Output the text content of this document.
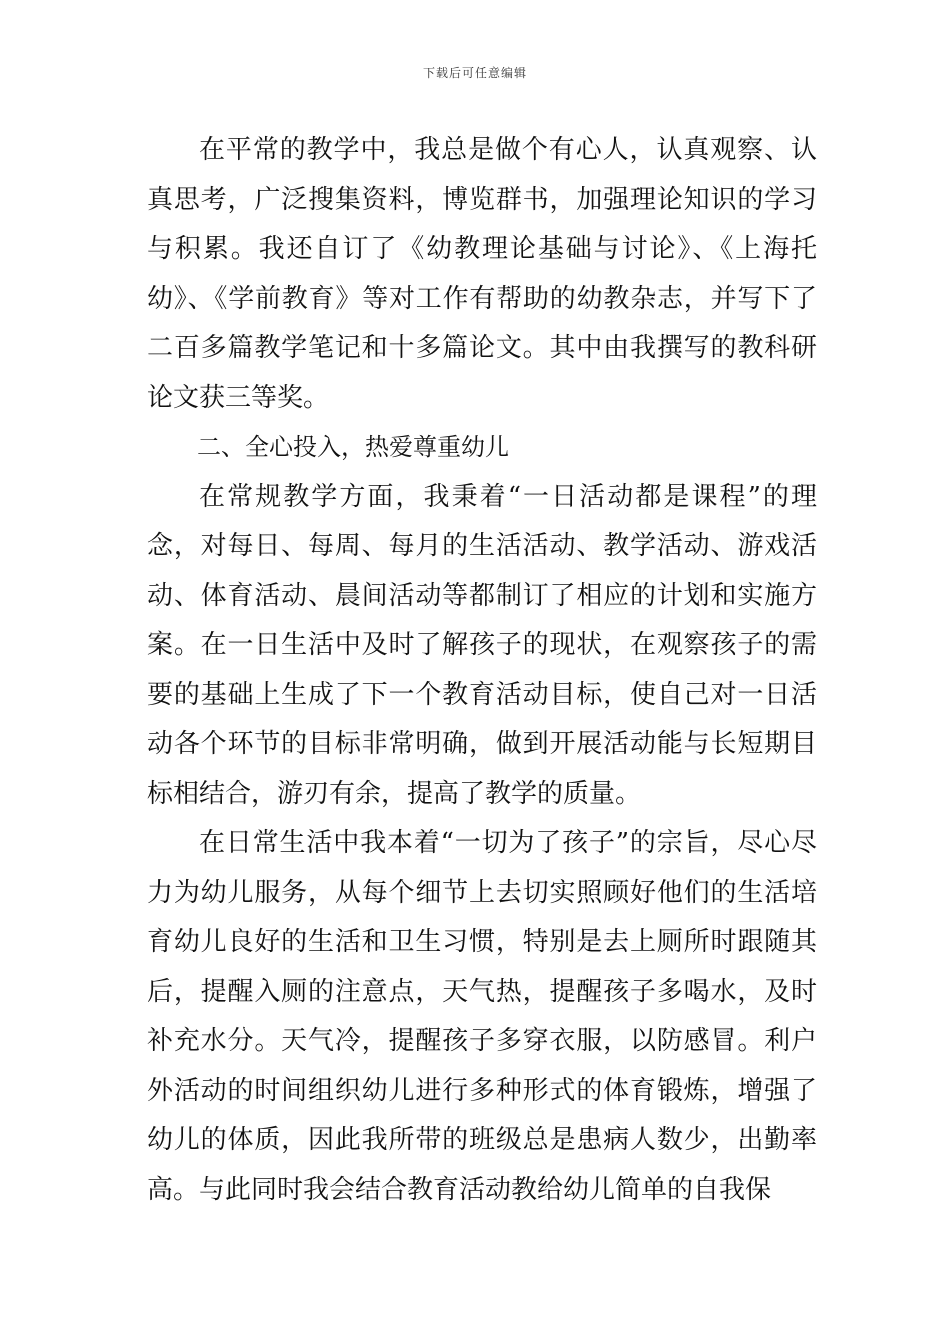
下载后可任意编辑

在平常的教学中，我总是做个有心人，认真观察、认真思考，广泛搜集资料，博览群书，加强理论知识的学习与积累。我还自订了《幼教理论基础与讨论》、《上海托幼》、《学前教育》等对工作有帮助的幼教杂志，并写下了二百多篇教学笔记和十多篇论文。其中由我撰写的教科研论文获三等奖。

二、全心投入，热爱尊重幼儿

在常规教学方面，我秉着“一日活动都是课程”的理念，对每日、每周、每月的生活活动、教学活动、游戏活动、体育活动、晨间活动等都制订了相应的计划和实施方案。在一日生活中及时了解孩子的现状，在观察孩子的需要的基础上生成了下一个教育活动目标，使自己对一日活动各个环节的目标非常明确，做到开展活动能与长短期目标相结合，游刃有余，提高了教学的质量。

在日常生活中我本着“一切为了孩子”的宗旨，尽心尽力为幼儿服务，从每个细节上去切实照顾好他们的生活培育幼儿良好的生活和卫生习惯，特别是去上厕所时跟随其后，提醒入厕的注意点，天气热，提醒孩子多喝水，及时补充水分。天气冷，提醒孩子多穿衣服，以防感冒。利户外活动的时间组织幼儿进行多种形式的体育锻炼，增强了幼儿的体质，因此我所带的班级总是患病人数少，出勤率高。与此同时我会结合教育活动教给幼儿简单的自我保
